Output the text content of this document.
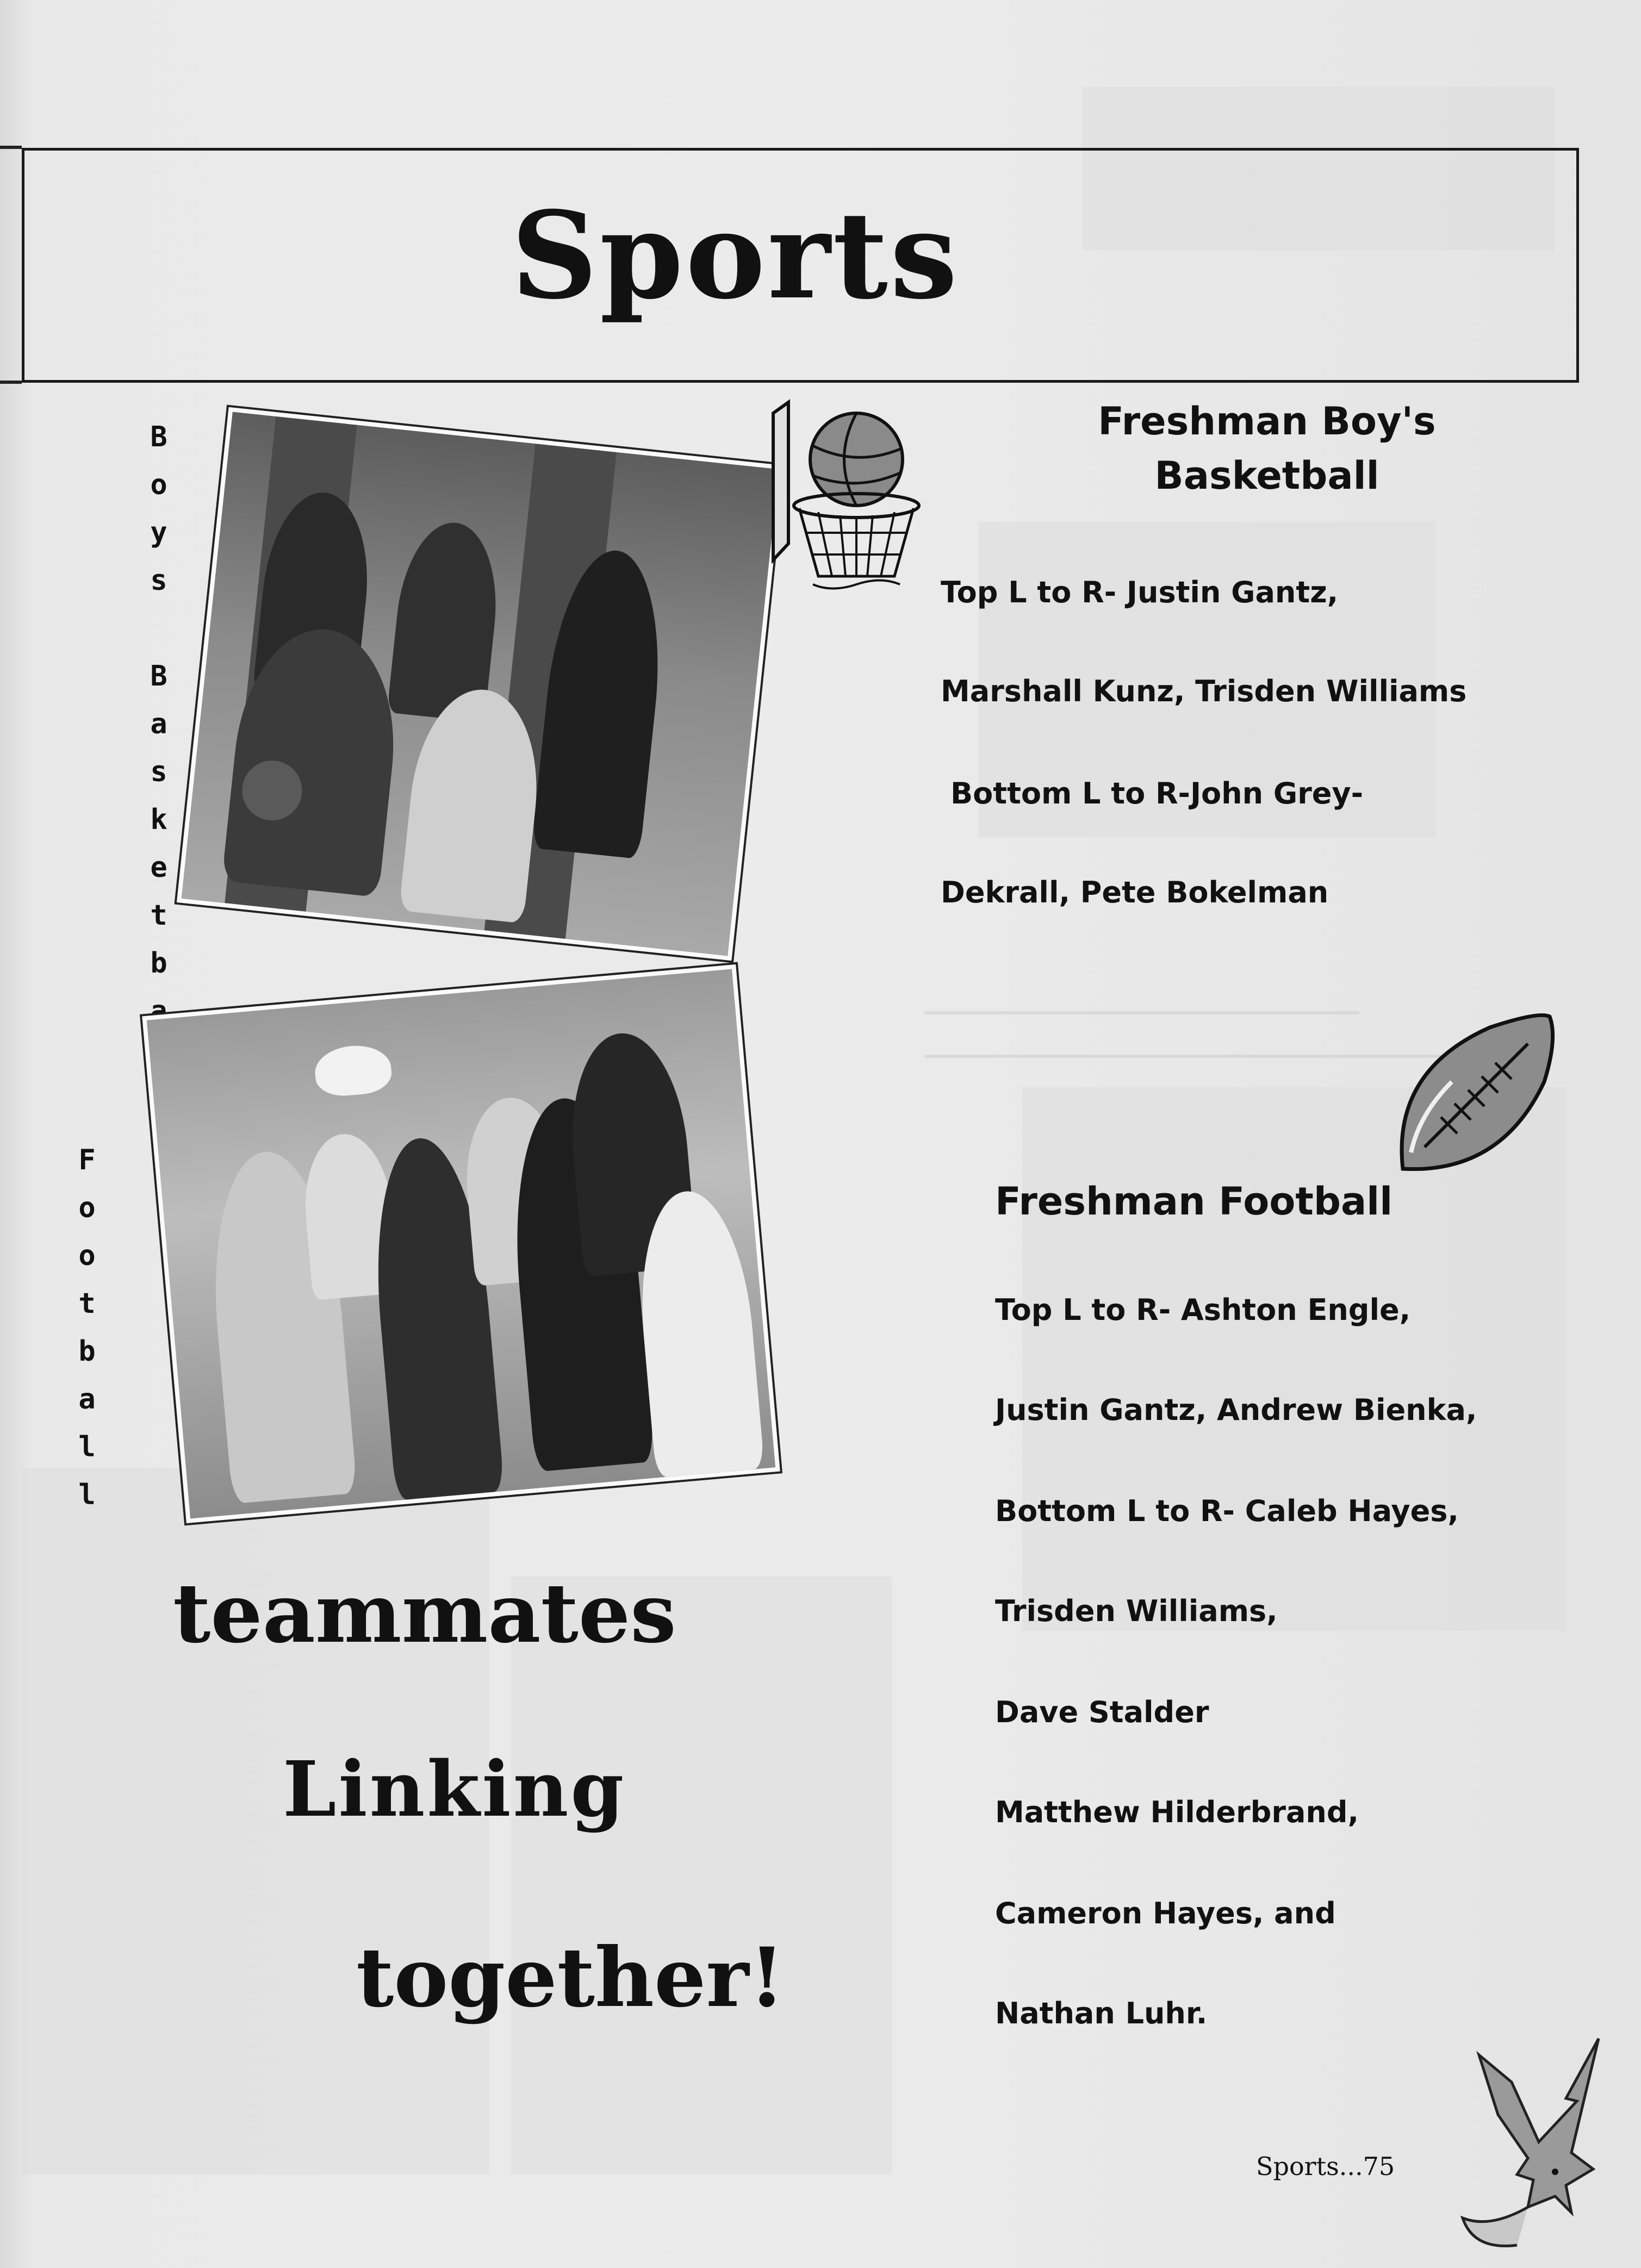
Sports
B
o
y
s

B
a
s
k
e
t
b
a
F
o
o
t
b
a
l
l
Freshman Boy's
Basketball
Top L to R- Justin Gantz,
Marshall Kunz, Trisden Williams
Bottom L to R-John Grey-
Dekrall, Pete Bokelman
Freshman Football
Top L to R- Ashton Engle,
Justin Gantz, Andrew Bienka,
Bottom L to R- Caleb Hayes,
Trisden Williams,
Dave Stalder
Matthew Hilderbrand,
Cameron Hayes, and
Nathan Luhr.
teammates
Linking
together!
Sports...75
